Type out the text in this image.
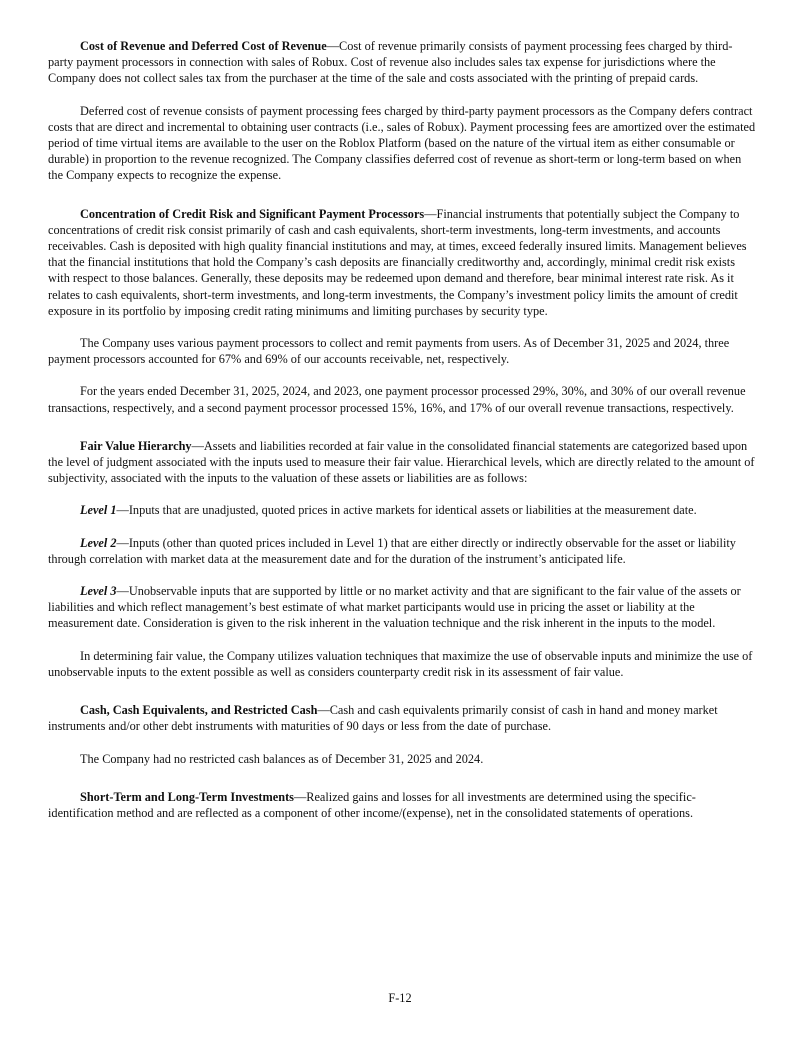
Cost of Revenue and Deferred Cost of Revenue—Cost of revenue primarily consists of payment processing fees charged by third-party payment processors in connection with sales of Robux. Cost of revenue also includes sales tax expense for jurisdictions where the Company does not collect sales tax from the purchaser at the time of the sale and costs associated with the printing of prepaid cards.

Deferred cost of revenue consists of payment processing fees charged by third-party payment processors as the Company defers contract costs that are direct and incremental to obtaining user contracts (i.e., sales of Robux). Payment processing fees are amortized over the estimated period of time virtual items are available to the user on the Roblox Platform (based on the nature of the virtual item as either consumable or durable) in proportion to the revenue recognized. The Company classifies deferred cost of revenue as short-term or long-term based on when the Company expects to recognize the expense.

Concentration of Credit Risk and Significant Payment Processors—Financial instruments that potentially subject the Company to concentrations of credit risk consist primarily of cash and cash equivalents, short-term investments, long-term investments, and accounts receivables. Cash is deposited with high quality financial institutions and may, at times, exceed federally insured limits. Management believes that the financial institutions that hold the Company’s cash deposits are financially creditworthy and, accordingly, minimal credit risk exists with respect to those balances. Generally, these deposits may be redeemed upon demand and therefore, bear minimal interest rate risk. As it relates to cash equivalents, short-term investments, and long-term investments, the Company’s investment policy limits the amount of credit exposure in its portfolio by imposing credit rating minimums and limiting purchases by security type.

The Company uses various payment processors to collect and remit payments from users. As of December 31, 2025 and 2024, three payment processors accounted for 67% and 69% of our accounts receivable, net, respectively.

For the years ended December 31, 2025, 2024, and 2023, one payment processor processed 29%, 30%, and 30% of our overall revenue transactions, respectively, and a second payment processor processed 15%, 16%, and 17% of our overall revenue transactions, respectively.

Fair Value Hierarchy—Assets and liabilities recorded at fair value in the consolidated financial statements are categorized based upon the level of judgment associated with the inputs used to measure their fair value. Hierarchical levels, which are directly related to the amount of subjectivity, associated with the inputs to the valuation of these assets or liabilities are as follows:

Level 1—Inputs that are unadjusted, quoted prices in active markets for identical assets or liabilities at the measurement date.

Level 2—Inputs (other than quoted prices included in Level 1) that are either directly or indirectly observable for the asset or liability through correlation with market data at the measurement date and for the duration of the instrument’s anticipated life.

Level 3—Unobservable inputs that are supported by little or no market activity and that are significant to the fair value of the assets or liabilities and which reflect management’s best estimate of what market participants would use in pricing the asset or liability at the measurement date. Consideration is given to the risk inherent in the valuation technique and the risk inherent in the inputs to the model.

In determining fair value, the Company utilizes valuation techniques that maximize the use of observable inputs and minimize the use of unobservable inputs to the extent possible as well as considers counterparty credit risk in its assessment of fair value.

Cash, Cash Equivalents, and Restricted Cash—Cash and cash equivalents primarily consist of cash in hand and money market instruments and/or other debt instruments with maturities of 90 days or less from the date of purchase.

The Company had no restricted cash balances as of December 31, 2025 and 2024.

Short-Term and Long-Term Investments—Realized gains and losses for all investments are determined using the specific-identification method and are reflected as a component of other income/(expense), net in the consolidated statements of operations.

F-12
